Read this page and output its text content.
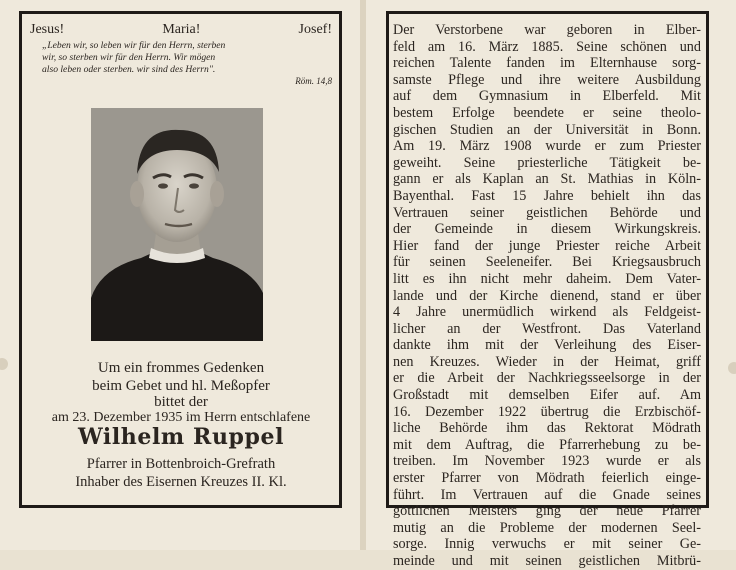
Jesus!	Maria!	Josef!
„Leben wir, so leben wir für den Herrn, sterben
wir, so sterben wir für den Herrn. Wir mögen
also leben oder sterben. wir sind des Herrn".
Röm. 14,8
Um ein frommes Gedenken
beim Gebet und hl. Meßopfer
bittet der
am 23. Dezember 1935 im Herrn entschlafene
Wilhelm Ruppel
Pfarrer in Bottenbroich-Grefrath
Inhaber des Eisernen Kreuzes II. Kl.
Der Verstorbene war geboren in Elber-
feld am 16. März 1885. Seine schönen und
reichen Talente fanden im Elternhause sorg-
samste Pflege und ihre weitere Ausbildung
auf dem Gymnasium in Elberfeld. Mit
bestem Erfolge beendete er seine theolo-
gischen Studien an der Universität in Bonn.
Am 19. März 1908 wurde er zum Priester
geweiht. Seine priesterliche Tätigkeit be-
gann er als Kaplan an St. Mathias in Köln-
Bayenthal. Fast 15 Jahre behielt ihn das
Vertrauen seiner geistlichen Behörde und
der Gemeinde in diesem Wirkungskreis.
Hier fand der junge Priester reiche Arbeit
für seinen Seeleneifer. Bei Kriegsausbruch
litt es ihn nicht mehr daheim. Dem Vater-
lande und der Kirche dienend, stand er über
4 Jahre unermüdlich wirkend als Feldgeist-
licher an der Westfront. Das Vaterland
dankte ihm mit der Verleihung des Eiser-
nen Kreuzes. Wieder in der Heimat, griff
er die Arbeit der Nachkriegsseelsorge in der
Großstadt mit demselben Eifer auf. Am
16. Dezember 1922 übertrug die Erzbischöf-
liche Behörde ihm das Rektorat Mödrath
mit dem Auftrag, die Pfarrerhebung zu be-
treiben. Im November 1923 wurde er als
erster Pfarrer von Mödrath feierlich einge-
führt. Im Vertrauen auf die Gnade seines
göttlichen Meisters ging der neue Pfarrer
mutig an die Probleme der modernen Seel-
sorge. Innig verwuchs er mit seiner Ge-
meinde und mit seinen geistlichen Mitbrü-
